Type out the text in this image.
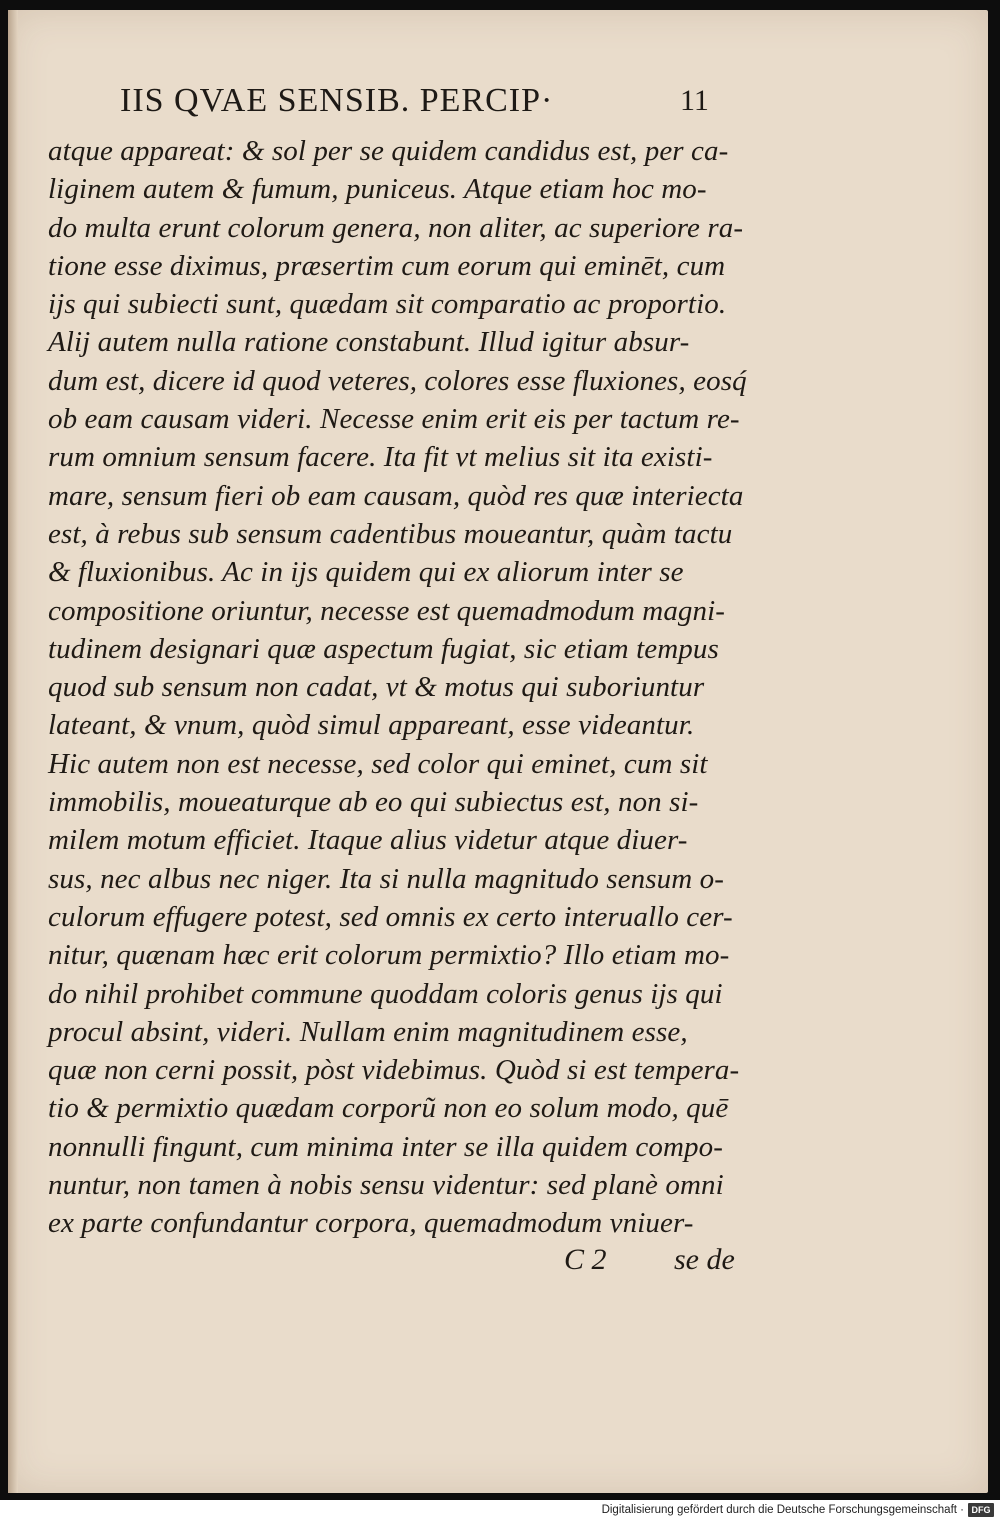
IIS QVAE SENSIB. PERCIP·	11
atque appareat: & sol per se quidem candidus est, per ca-
liginem autem & fumum, puniceus. Atque etiam hoc mo-
do multa erunt colorum genera, non aliter, ac superiore ra-
tione esse diximus, præsertim cum eorum qui eminēt, cum
ijs qui subiecti sunt, quædam sit comparatio ac proportio.
Alij autem nulla ratione constabunt. Illud igitur absur-
dum est, dicere id quod veteres, colores esse fluxiones, eosq́
ob eam causam videri. Necesse enim erit eis per tactum re-
rum omnium sensum facere. Ita fit vt melius sit ita existi-
mare, sensum fieri ob eam causam, quòd res quæ interiecta
est, à rebus sub sensum cadentibus moueantur, quàm tactu
& fluxionibus. Ac in ijs quidem qui ex aliorum inter se
compositione oriuntur, necesse est quemadmodum magni-
tudinem designari quæ aspectum fugiat, sic etiam tempus
quod sub sensum non cadat, vt & motus qui suboriuntur
lateant, & vnum, quòd simul appareant, esse videantur.
Hic autem non est necesse, sed color qui eminet, cum sit
immobilis, moueaturque ab eo qui subiectus est, non si-
milem motum efficiet. Itaque alius videtur atque diuer-
sus, nec albus nec niger. Ita si nulla magnitudo sensum o-
culorum effugere potest, sed omnis ex certo interuallo cer-
nitur, quænam hæc erit colorum permixtio? Illo etiam mo-
do nihil prohibet commune quoddam coloris genus ijs qui
procul absint, videri. Nullam enim magnitudinem esse,
quæ non cerni possit, pòst videbimus. Quòd si est tempera-
tio & permixtio quædam corporũ non eo solum modo, quē
nonnulli fingunt, cum minima inter se illa quidem compo-
nuntur, non tamen à nobis sensu videntur: sed planè omni
ex parte confundantur corpora, quemadmodum vniuer-
C 2 se de
Digitalisierung gefördert durch die Deutsche Forschungsgemeinschaft · DFG
